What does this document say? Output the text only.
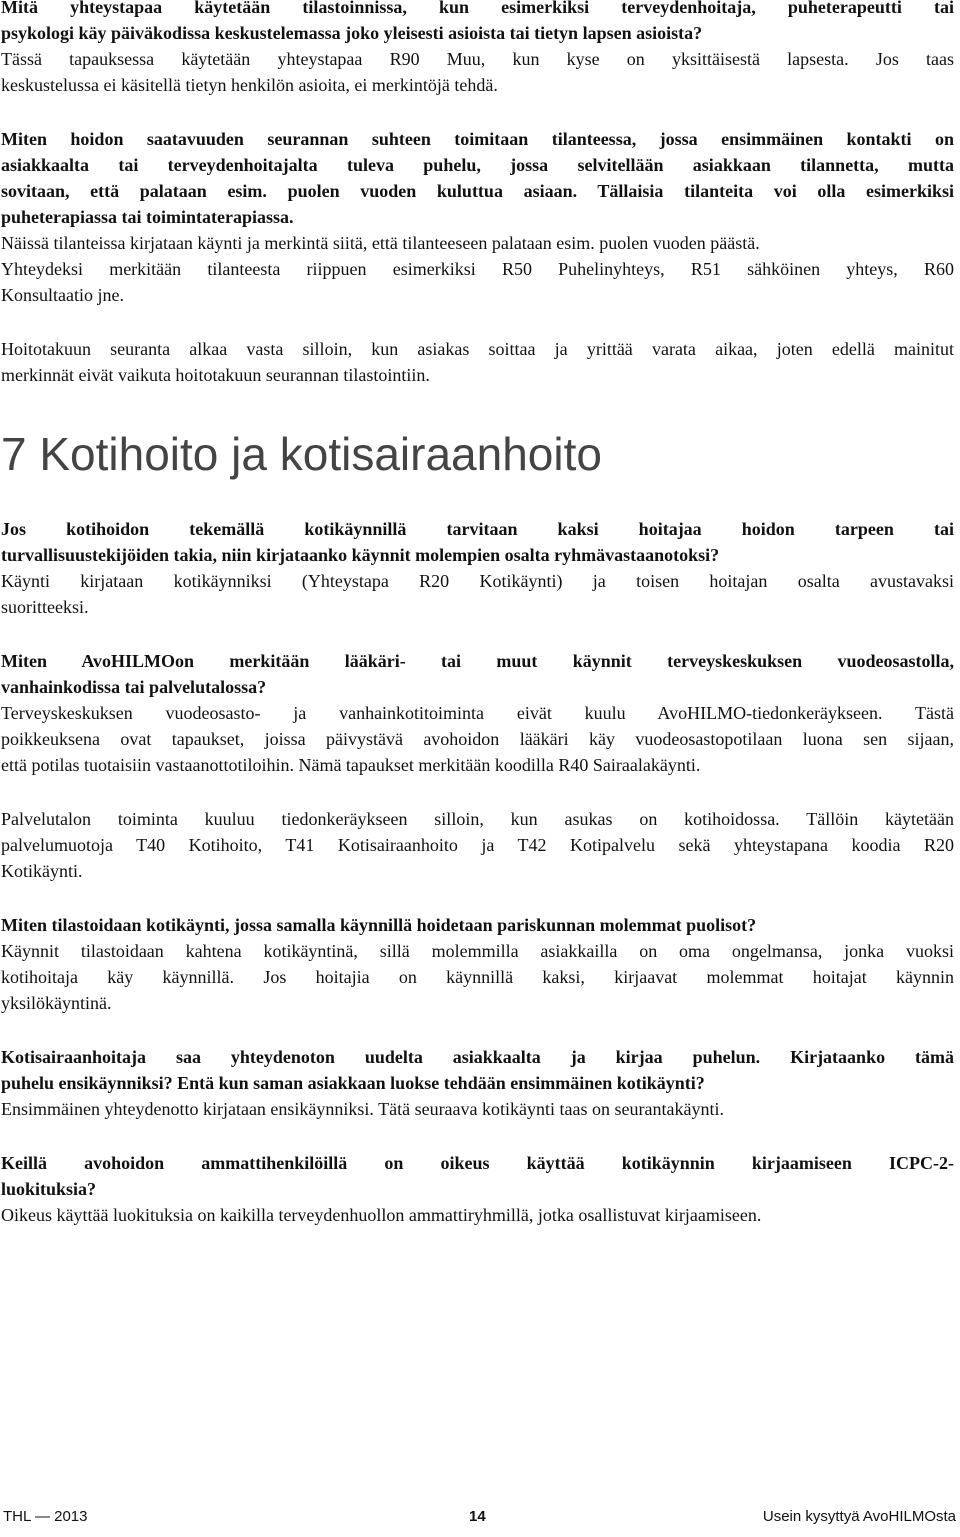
Mitä yhteystapaa käytetään tilastoinnissa, kun esimerkiksi terveydenhoitaja, puheterapeutti tai
psykologi käy päiväkodissa keskustelemassa joko yleisesti asioista tai tietyn lapsen asioista?
Tässä tapauksessa käytetään yhteystapaa R90 Muu, kun kyse on yksittäisestä lapsesta. Jos taas
keskustelussa ei käsitellä tietyn henkilön asioita, ei merkintöjä tehdä.
Miten hoidon saatavuuden seurannan suhteen toimitaan tilanteessa, jossa ensimmäinen kontakti on
asiakkaalta tai terveydenhoitajalta tuleva puhelu, jossa selvitellään asiakkaan tilannetta, mutta
sovitaan, että palataan esim. puolen vuoden kuluttua asiaan. Tällaisia tilanteita voi olla esimerkiksi
puheterapiassa tai toimintaterapiassa.
Näissä tilanteissa kirjataan käynti ja merkintä siitä, että tilanteeseen palataan esim. puolen vuoden päästä.
Yhteydeksi merkitään tilanteesta riippuen esimerkiksi R50 Puhelinyhteys, R51 sähköinen yhteys, R60
Konsultaatio jne.
Hoitotakuun seuranta alkaa vasta silloin, kun asiakas soittaa ja yrittää varata aikaa, joten edellä mainitut
merkinnät eivät vaikuta hoitotakuun seurannan tilastointiin.
7 Kotihoito ja kotisairaanhoito
Jos kotihoidon tekemällä kotikäynnillä tarvitaan kaksi hoitajaa hoidon tarpeen tai
turvallisuustekijöiden takia, niin kirjataanko käynnit molempien osalta ryhmävastaanotoksi?
Käynti kirjataan kotikäynniksi (Yhteystapa R20 Kotikäynti) ja toisen hoitajan osalta avustavaksi
suoritteeksi.
Miten AvoHILMOon merkitään lääkäri- tai muut käynnit terveyskeskuksen vuodeosastolla,
vanhainkodissa tai palvelutalossa?
Terveyskeskuksen vuodeosasto- ja vanhainkotitoiminta eivät kuulu AvoHILMO-tiedonkeräykseen. Tästä
poikkeuksena ovat tapaukset, joissa päivystävä avohoidon lääkäri käy vuodeosastopotilaan luona sen sijaan,
että potilas tuotaisiin vastaanottotiloihin. Nämä tapaukset merkitään koodilla R40 Sairaalakäynti.
Palvelutalon toiminta kuuluu tiedonkeräykseen silloin, kun asukas on kotihoidossa. Tällöin käytetään
palvelumuotoja T40 Kotihoito, T41 Kotisairaanhoito ja T42 Kotipalvelu sekä yhteystapana koodia R20
Kotikäynti.
Miten tilastoidaan kotikäynti, jossa samalla käynnillä hoidetaan pariskunnan molemmat puolisot?
Käynnit tilastoidaan kahtena kotikäyntinä, sillä molemmilla asiakkailla on oma ongelmansa, jonka vuoksi
kotihoitaja käy käynnillä. Jos hoitajia on käynnillä kaksi, kirjaavat molemmat hoitajat käynnin
yksilökäyntinä.
Kotisairaanhoitaja saa yhteydenoton uudelta asiakkaalta ja kirjaa puhelun. Kirjataanko tämä
puhelu ensikäynniksi? Entä kun saman asiakkaan luokse tehdään ensimmäinen kotikäynti?
Ensimmäinen yhteydenotto kirjataan ensikäynniksi. Tätä seuraava kotikäynti taas on seurantakäynti.
Keillä avohoidon ammattihenkilöillä on oikeus käyttää kotikäynnin kirjaamiseen ICPC-2-
luokituksia?
Oikeus käyttää luokituksia on kaikilla terveydenhuollon ammattiryhmillä, jotka osallistuvat kirjaamiseen.
THL — 2013	14	Usein kysyttyä AvoHILMOsta
